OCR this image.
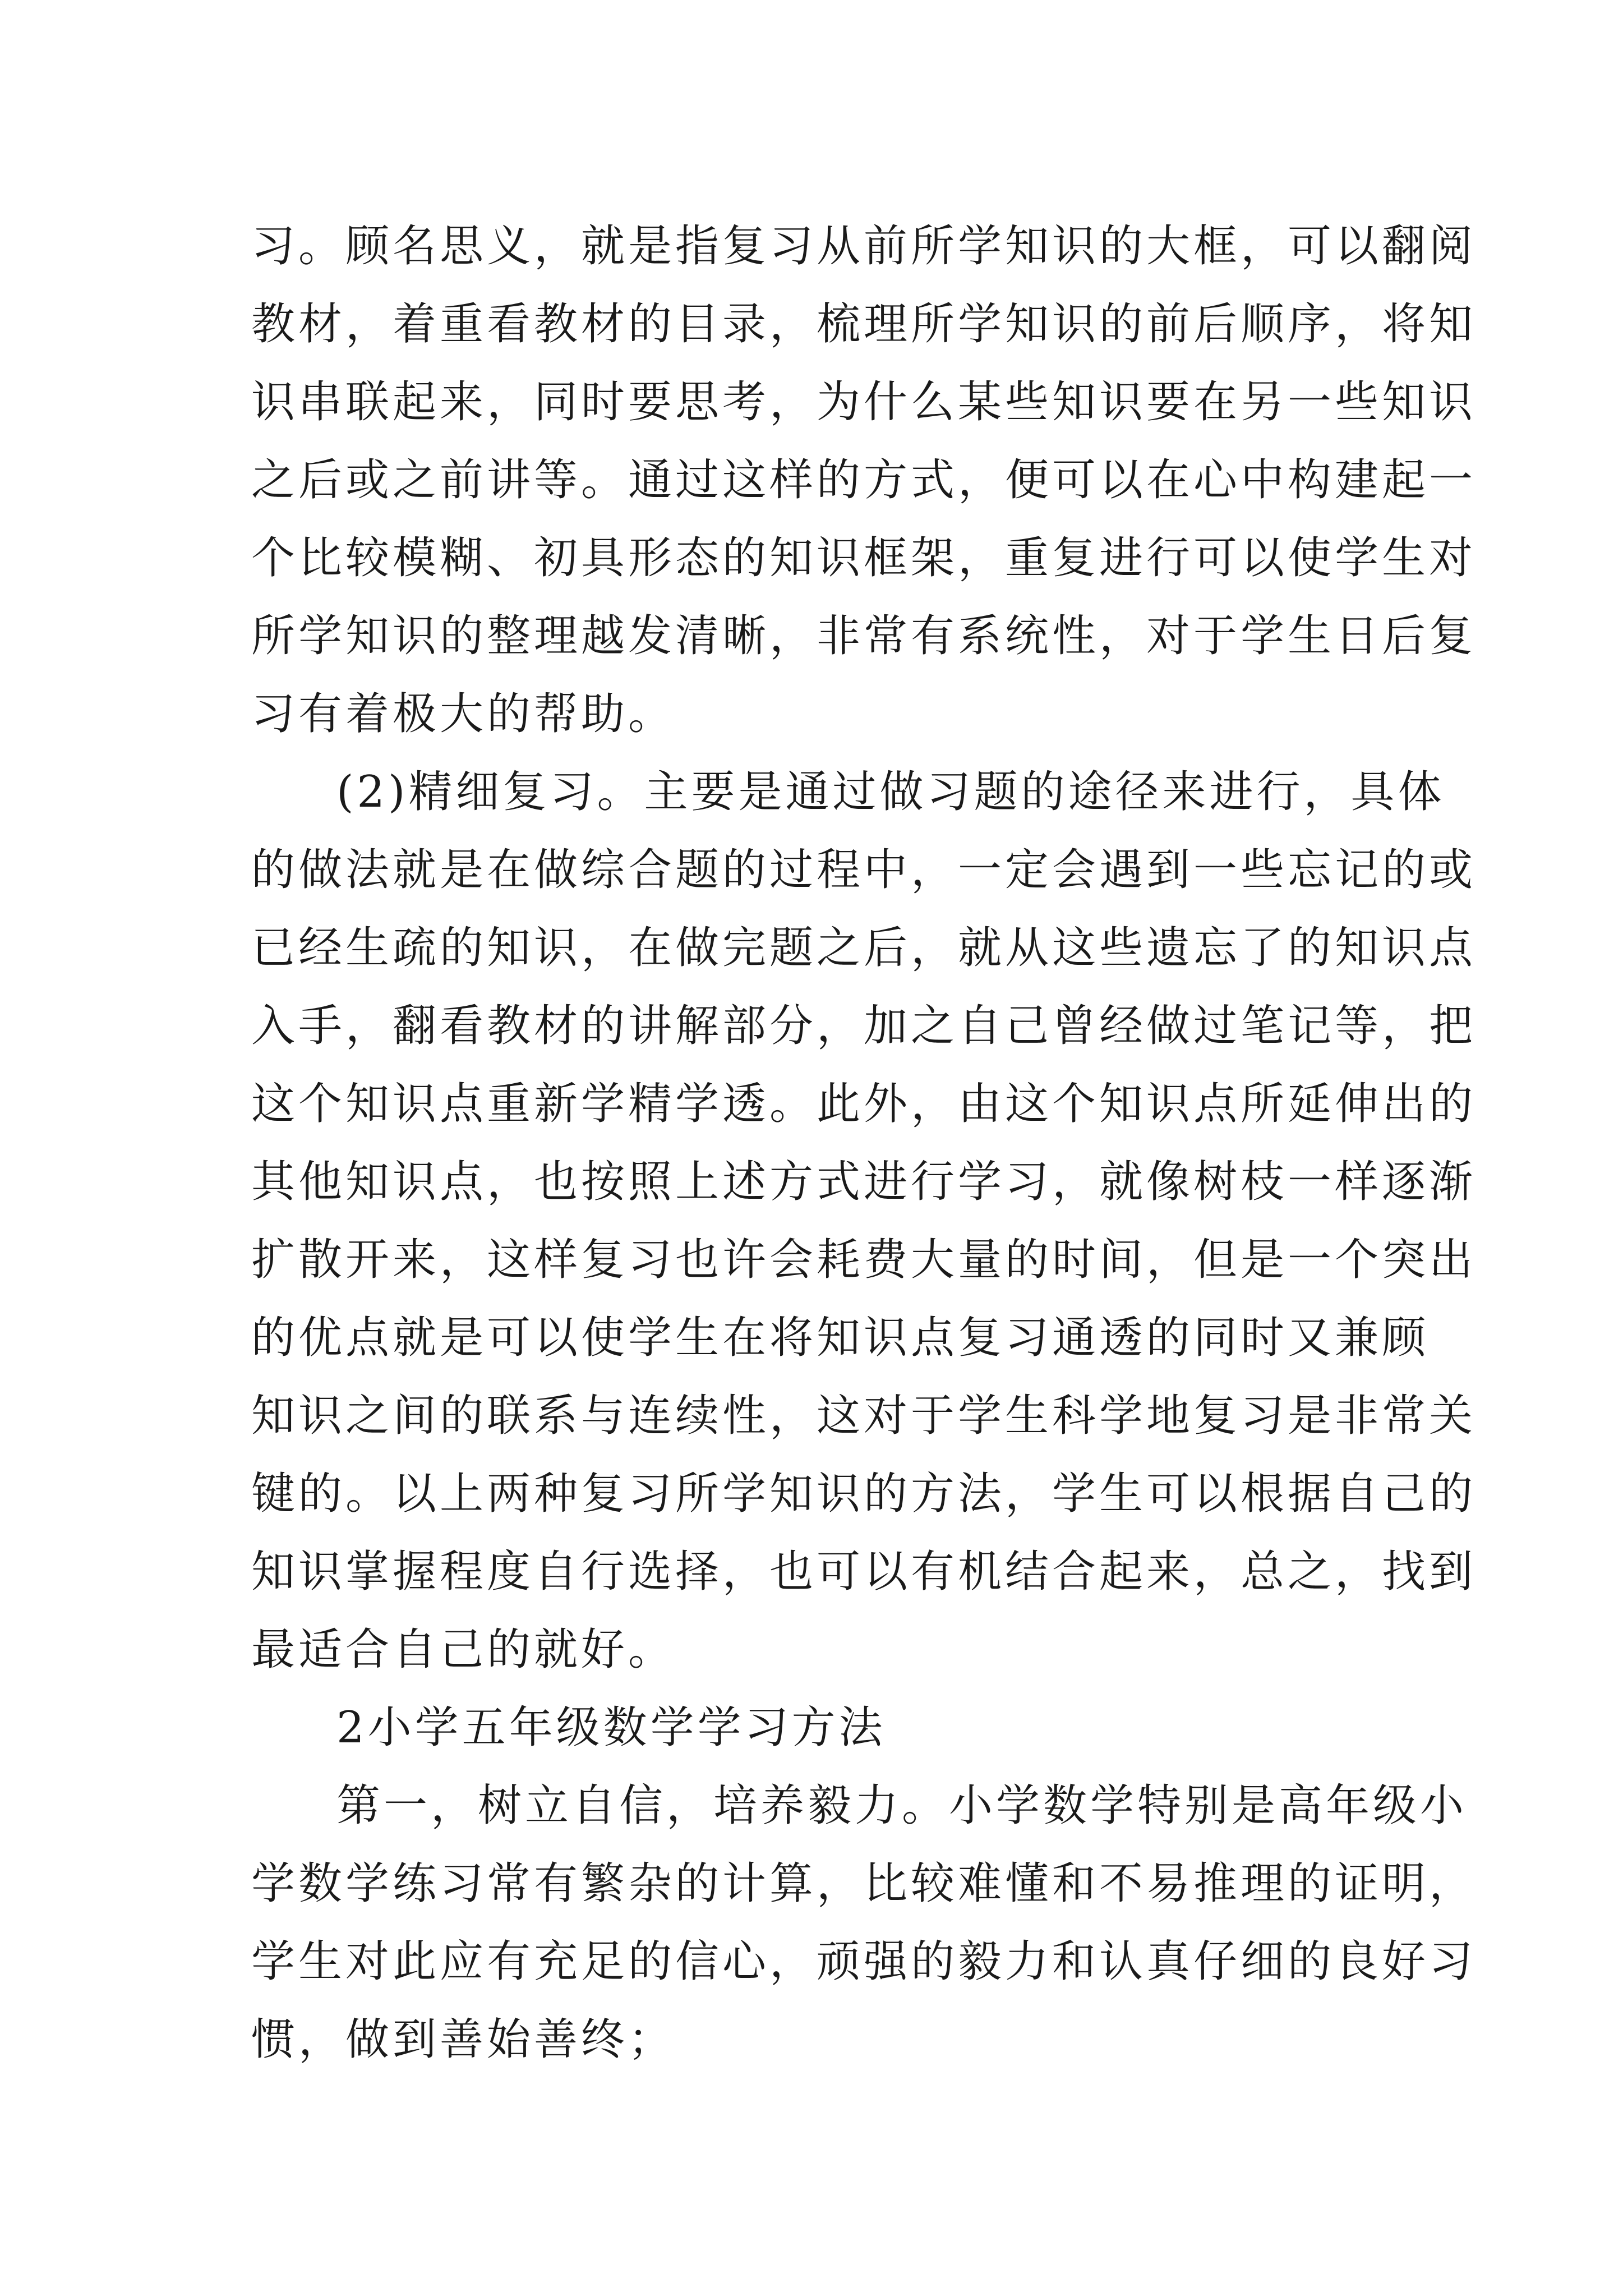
习。顾名思义，就是指复习从前所学知识的大框，可以翻阅
教材，着重看教材的目录，梳理所学知识的前后顺序，将知
识串联起来，同时要思考，为什么某些知识要在另一些知识
之后或之前讲等。通过这样的方式，便可以在心中构建起一
个比较模糊、初具形态的知识框架，重复进行可以使学生对
所学知识的整理越发清晰，非常有系统性，对于学生日后复
习有着极大的帮助。
(2)精细复习。主要是通过做习题的途径来进行，具体
的做法就是在做综合题的过程中，一定会遇到一些忘记的或
已经生疏的知识，在做完题之后，就从这些遗忘了的知识点
入手，翻看教材的讲解部分，加之自己曾经做过笔记等，把
这个知识点重新学精学透。此外，由这个知识点所延伸出的
其他知识点，也按照上述方式进行学习，就像树枝一样逐渐
扩散开来，这样复习也许会耗费大量的时间，但是一个突出
的优点就是可以使学生在将知识点复习通透的同时又兼顾
知识之间的联系与连续性，这对于学生科学地复习是非常关
键的。以上两种复习所学知识的方法，学生可以根据自己的
知识掌握程度自行选择，也可以有机结合起来，总之，找到
最适合自己的就好。
2小学五年级数学学习方法
第一，树立自信，培养毅力。小学数学特别是高年级小
学数学练习常有繁杂的计算，比较难懂和不易推理的证明，
学生对此应有充足的信心，顽强的毅力和认真仔细的良好习
惯，做到善始善终；
